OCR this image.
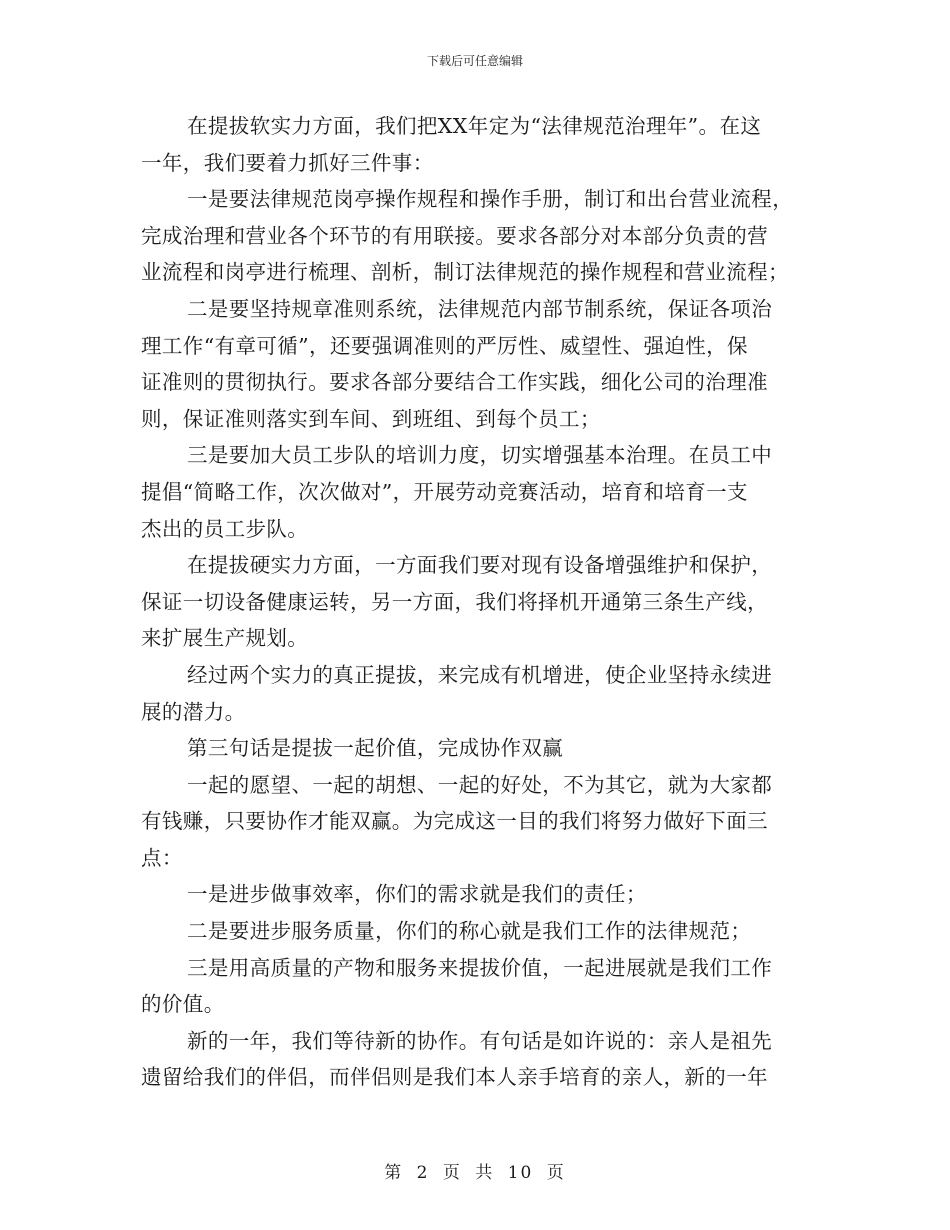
下载后可任意编辑
在提拔软实力方面，我们把XX年定为“法律规范治理年”。在这
一年，我们要着力抓好三件事：
一是要法律规范岗亭操作规程和操作手册，制订和出台营业流程，
完成治理和营业各个环节的有用联接。要求各部分对本部分负责的营
业流程和岗亭进行梳理、剖析，制订法律规范的操作规程和营业流程；
二是要坚持规章准则系统，法律规范内部节制系统，保证各项治
理工作“有章可循”，还要强调准则的严厉性、威望性、强迫性，保
证准则的贯彻执行。要求各部分要结合工作实践，细化公司的治理准
则，保证准则落实到车间、到班组、到每个员工；
三是要加大员工步队的培训力度，切实增强基本治理。在员工中
提倡“简略工作，次次做对”，开展劳动竞赛活动，培育和培育一支
杰出的员工步队。
在提拔硬实力方面，一方面我们要对现有设备增强维护和保护，
保证一切设备健康运转，另一方面，我们将择机开通第三条生产线，
来扩展生产规划。
经过两个实力的真正提拔，来完成有机增进，使企业坚持永续进
展的潜力。
第三句话是提拔一起价值，完成协作双赢
一起的愿望、一起的胡想、一起的好处，不为其它，就为大家都
有钱赚，只要协作才能双赢。为完成这一目的我们将努力做好下面三
点：
一是进步做事效率，你们的需求就是我们的责任；
二是要进步服务质量，你们的称心就是我们工作的法律规范；
三是用高质量的产物和服务来提拔价值，一起进展就是我们工作
的价值。
新的一年，我们等待新的协作。有句话是如许说的：亲人是祖先
遗留给我们的伴侣，而伴侣则是我们本人亲手培育的亲人，新的一年
第 2 页 共 10 页
